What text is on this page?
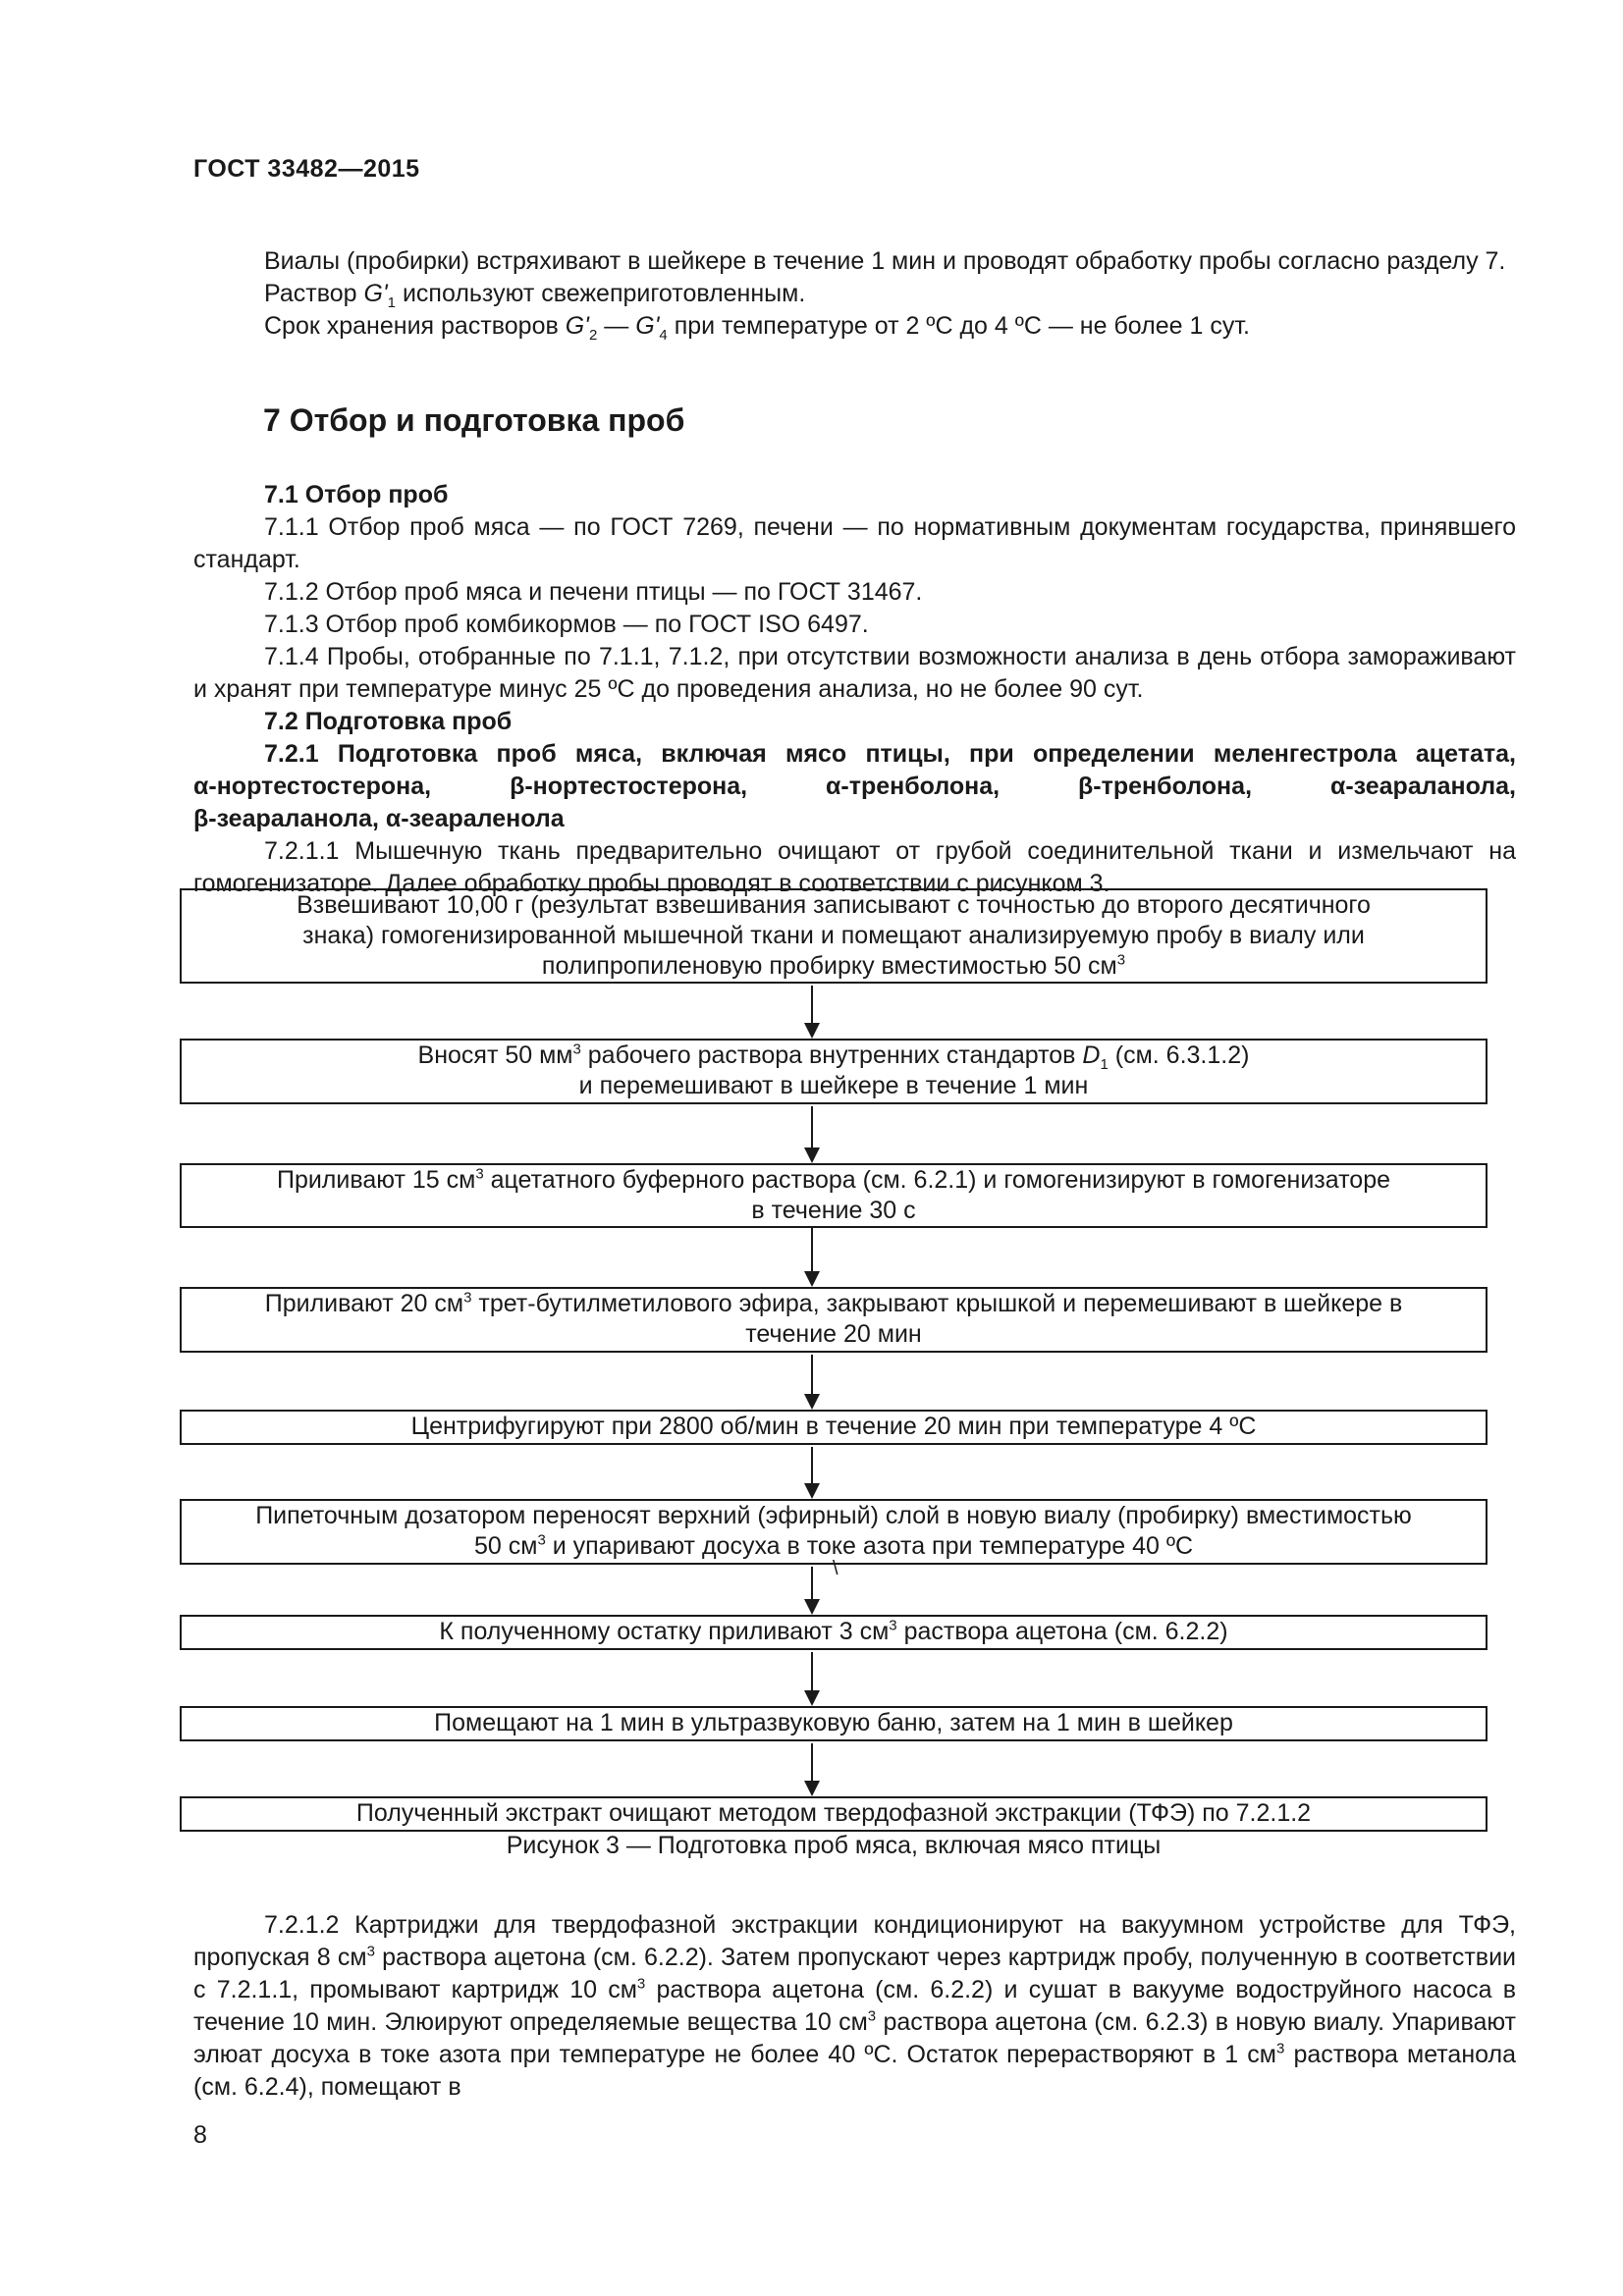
ГОСТ 33482—2015

Виалы (пробирки) встряхивают в шейкере в течение 1 мин и проводят обработку пробы согласно разделу 7.

Раствор $G'_1$ используют свежеприготовленным.

Срок хранения растворов $G'_2$ — $G'_4$ при температуре от 2 ºС до 4 ºС — не более 1 сут.

7 Отбор и подготовка проб

7.1 Отбор проб

7.1.1 Отбор проб мяса — по ГОСТ 7269, печени — по нормативным документам государства, принявшего стандарт.

7.1.2 Отбор проб мяса и печени птицы — по ГОСТ 31467.

7.1.3 Отбор проб комбикормов — по ГОСТ ISO 6497.

7.1.4 Пробы, отобранные по 7.1.1, 7.1.2, при отсутствии возможности анализа в день отбора замораживают и хранят при температуре минус 25 ºС до проведения анализа, но не более 90 сут.

7.2 Подготовка проб

7.2.1 Подготовка проб мяса, включая мясо птицы, при определении меленгестрола ацетата,

α-нортестостерона, β-нортестостерона, α-тренболона, β-тренболона, α-зеараланола,

β-зеараланола, α-зеараленола

7.2.1.1 Мышечную ткань предварительно очищают от грубой соединительной ткани и измельчают на гомогенизаторе. Далее обработку пробы проводят в соответствии с рисунком 3.

Взвешивают 10,00 г (результат взвешивания записывают с точностью до второго десятичного
знака) гомогенизированной мышечной ткани и помещают анализируемую пробу в виалу или
полипропиленовую пробирку вместимостью 50 $см^3$
Вносят 50 $мм^3$ рабочего раствора внутренних стандартов $D_1$ (см. 6.3.1.2)
и перемешивают в шейкере в течение 1 мин
Приливают 15 $см^3$ ацетатного буферного раствора (см. 6.2.1) и гомогенизируют в гомогенизаторе
в течение 30 с
Приливают 20 $см^3$ трет-бутилметилового эфира, закрывают крышкой и перемешивают в шейкере в
течение 20 мин
Центрифугируют при 2800 об/мин в течение 20 мин при температуре 4 ºС
Пипеточным дозатором переносят верхний (эфирный) слой в новую виалу (пробирку) вместимостью
50 $см^3$ и упаривают досуха в токе азота при температуре 40 ºС
\
К полученному остатку приливают 3 $см^3$ раствора ацетона (см. 6.2.2)
Помещают на 1 мин в ультразвуковую баню, затем на 1 мин в шейкер
Полученный экстракт очищают методом твердофазной экстракции (ТФЭ) по 7.2.1.2
Рисунок 3 — Подготовка проб мяса, включая мясо птицы

7.2.1.2 Картриджи для твердофазной экстракции кондиционируют на вакуумном устройстве для ТФЭ, пропуская 8 $см^3$ раствора ацетона (см. 6.2.2). Затем пропускают через картридж пробу, полученную в соответствии с 7.2.1.1, промывают картридж 10 $см^3$ раствора ацетона (см. 6.2.2) и сушат в вакууме водоструйного насоса в течение 10 мин. Элюируют определяемые вещества 10 $см^3$ раствора ацетона (см. 6.2.3) в новую виалу. Упаривают элюат досуха в токе азота при температуре не более 40 ºС. Остаток перерастворяют в 1 $см^3$ раствора метанола (см. 6.2.4), помещают в

8
